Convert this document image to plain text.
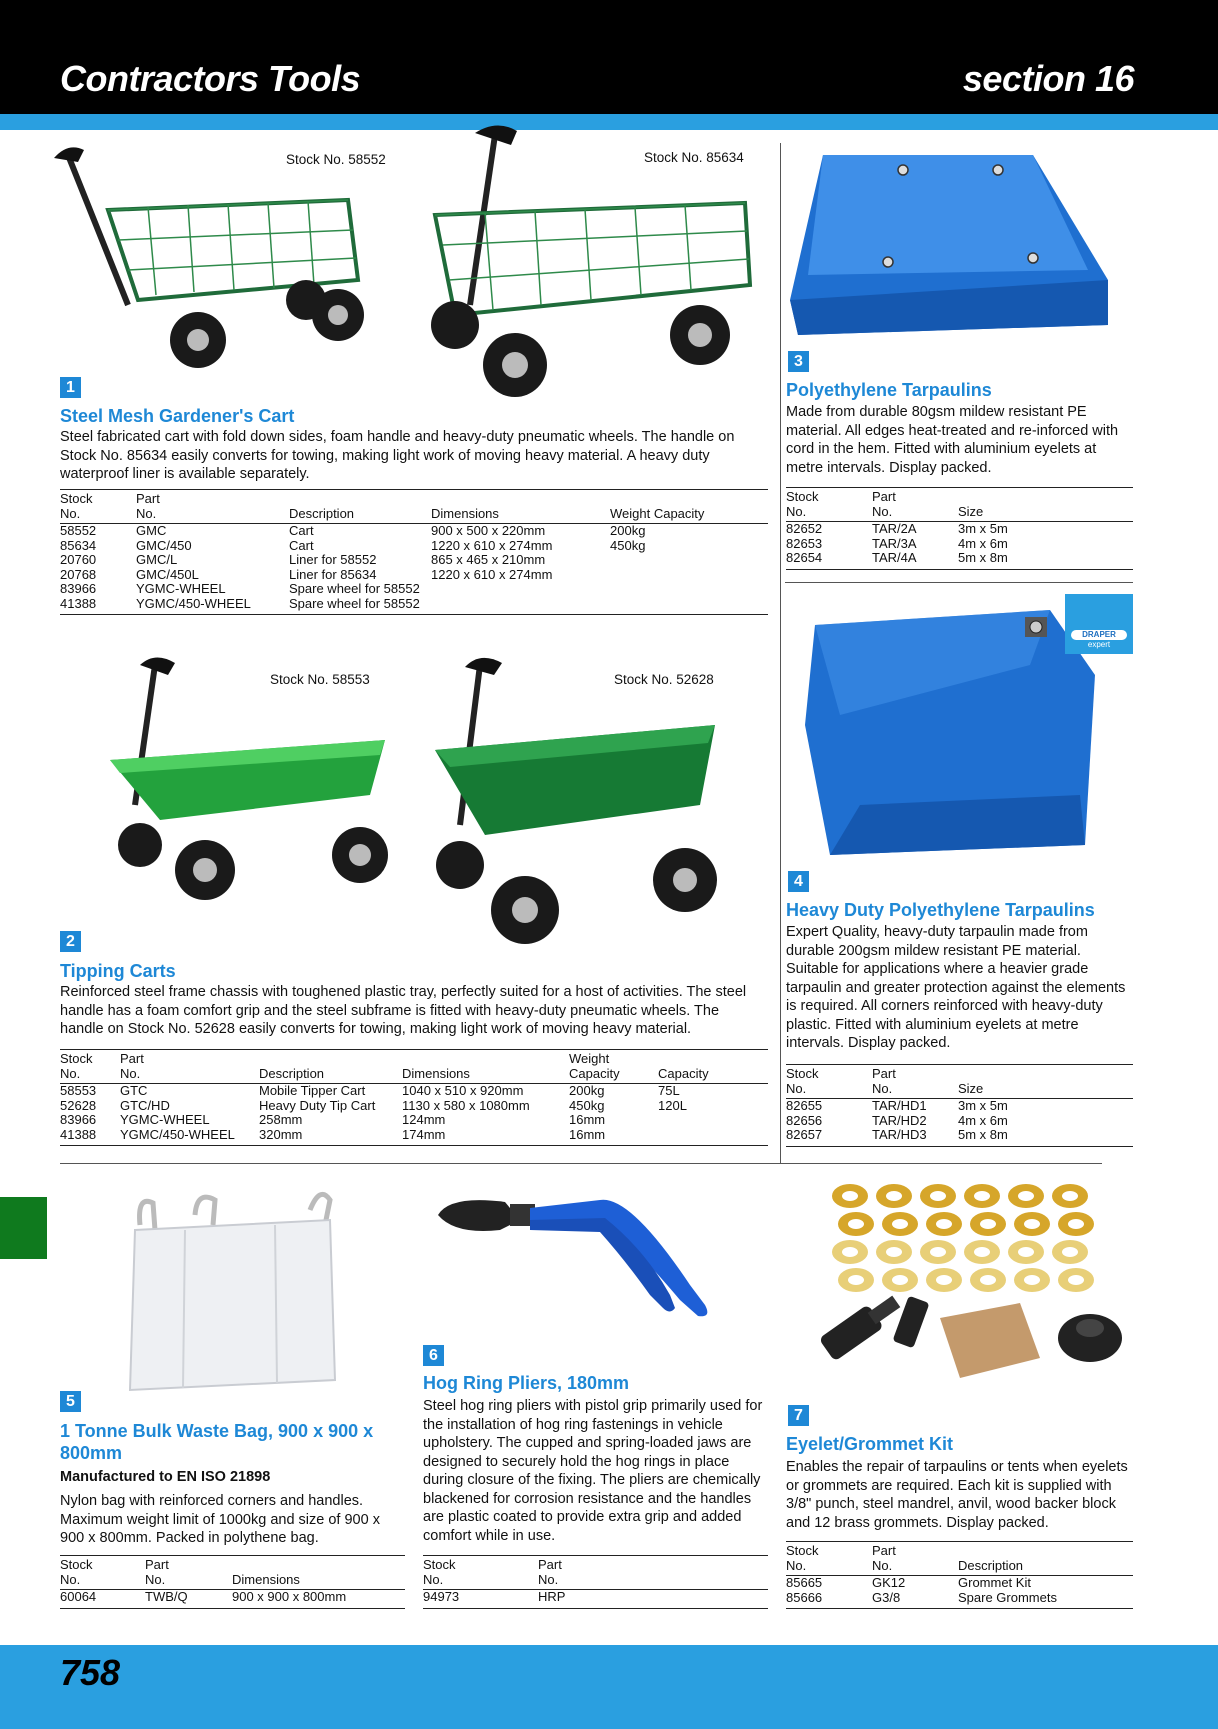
Contractors Tools	section 16
Stock No. 58552	Stock No. 85634
1
Steel Mesh Gardener's Cart
Steel fabricated cart with fold down sides, foam handle and heavy-duty pneumatic wheels. The handle on Stock No. 85634 easily converts for towing, making light work of moving heavy material. A heavy duty waterproof liner is available separately.
Stock
No.	Part
No.	Description	Dimensions	Weight Capacity
58552	GMC	Cart	900 x 500 x 220mm	200kg
85634	GMC/450	Cart	1220 x 610 x 274mm	450kg
20760	GMC/L	Liner for 58552	865 x 465 x 210mm	
20768	GMC/450L	Liner for 85634	1220 x 610 x 274mm	
83966	YGMC-WHEEL	Spare wheel for 58552		
41388	YGMC/450-WHEEL	Spare wheel for 58552		
Stock No. 58553	Stock No. 52628
2
Tipping Carts
Reinforced steel frame chassis with toughened plastic tray, perfectly suited for a host of activities. The steel handle has a foam comfort grip and the steel subframe is fitted with heavy-duty pneumatic wheels. The handle on Stock No. 52628 easily converts for towing, making light work of moving heavy material.
Stock
No.	Part
No.	Description	Dimensions	Weight
Capacity	Capacity
58553	GTC	Mobile Tipper Cart	1040 x 510 x 920mm	200kg	75L
52628	GTC/HD	Heavy Duty Tip Cart	1130 x 580 x 1080mm	450kg	120L
83966	YGMC-WHEEL	258mm	124mm	16mm	
41388	YGMC/450-WHEEL	320mm	174mm	16mm	
3
Polyethylene Tarpaulins
Made from durable 80gsm mildew resistant PE material. All edges heat-treated and re-inforced with cord in the hem. Fitted with aluminium eyelets at metre intervals. Display packed.
Stock
No.	Part
No.	Size
82652	TAR/2A	3m x 5m
82653	TAR/3A	4m x 6m
82654	TAR/4A	5m x 8m
DRAPER
expert
4
Heavy Duty Polyethylene Tarpaulins
Expert Quality, heavy-duty tarpaulin made from durable 200gsm mildew resistant PE material. Suitable for applications where a heavier grade tarpaulin and greater protection against the elements is required. All corners reinforced with heavy-duty plastic. Fitted with aluminium eyelets at metre intervals. Display packed.
Stock
No.	Part
No.	Size
82655	TAR/HD1	3m x 5m
82656	TAR/HD2	4m x 6m
82657	TAR/HD3	5m x 8m
5
1 Tonne Bulk Waste Bag, 900 x 900 x 800mm
Manufactured to EN ISO 21898
Nylon bag with reinforced corners and handles. Maximum weight limit of 1000kg and size of 900 x 900 x 800mm. Packed in polythene bag.
Stock
No.	Part
No.	Dimensions
60064	TWB/Q	900 x 900 x 800mm
6
Hog Ring Pliers, 180mm
Steel hog ring pliers with pistol grip primarily used for the installation of hog ring fastenings in vehicle upholstery. The cupped and spring-loaded jaws are designed to securely hold the hog rings in place during closure of the fixing. The pliers are chemically blackened for corrosion resistance and the handles are plastic coated to provide extra grip and added comfort while in use.
Stock
No.	Part
No.
94973	HRP
7
Eyelet/Grommet Kit
Enables the repair of tarpaulins or tents when eyelets or grommets are required. Each kit is supplied with 3/8" punch, steel mandrel, anvil, wood backer block and 12 brass grommets. Display packed.
Stock
No.	Part
No.	Description
85665	GK12	Grommet Kit
85666	G3/8	Spare Grommets
758
